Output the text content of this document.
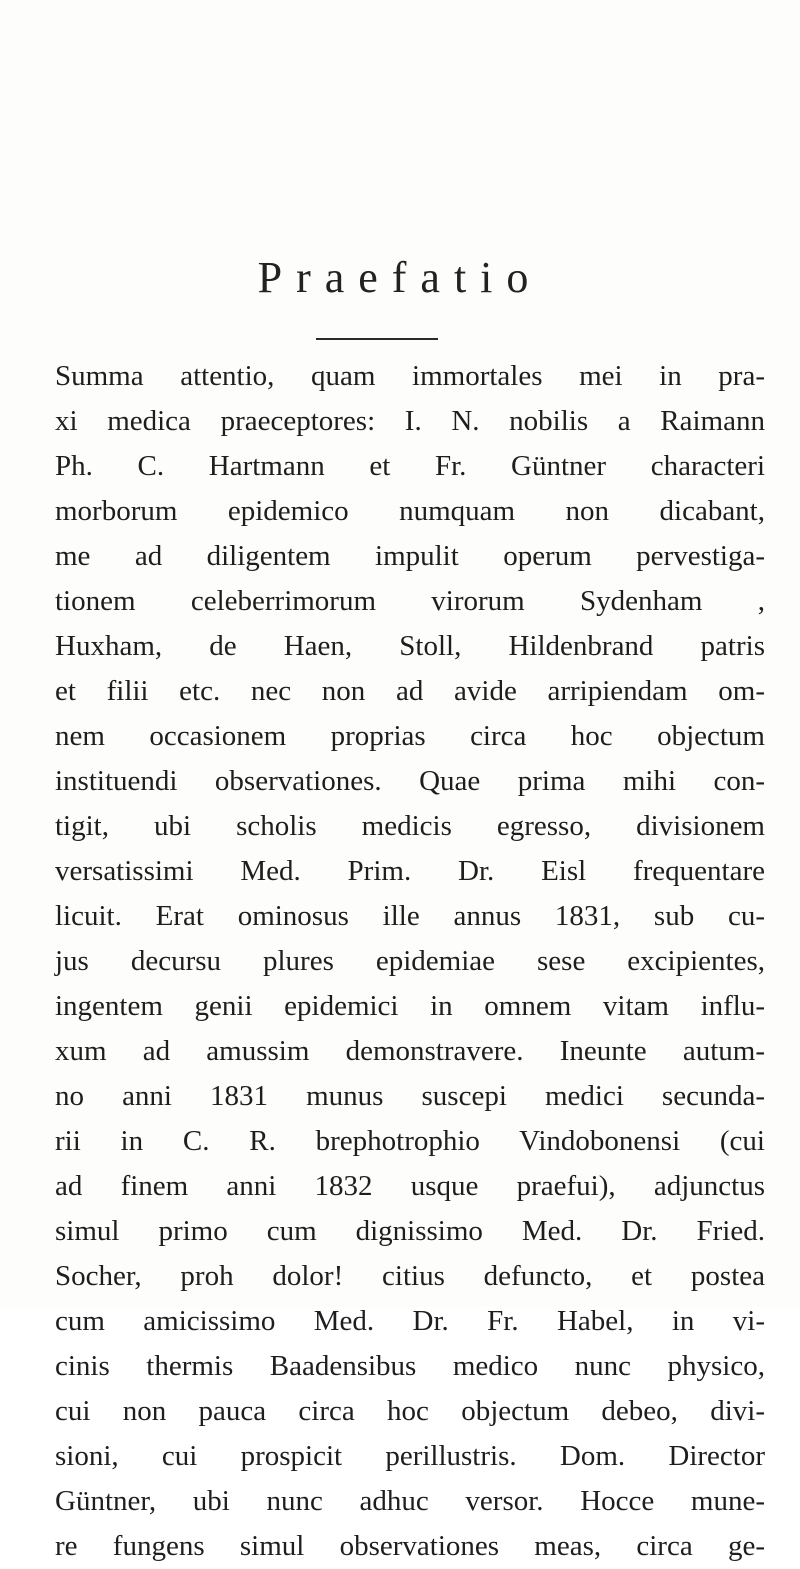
Praefatio
Summa attentio, quam immortales mei in pra-
xi medica praeceptores: I. N. nobilis a Raimann
Ph. C. Hartmann et Fr. Güntner characteri
morborum epidemico numquam non dicabant,
me ad diligentem impulit operum pervestiga-
tionem celeberrimorum virorum Sydenham ,
Huxham, de Haen, Stoll, Hildenbrand patris
et filii etc. nec non ad avide arripiendam om-
nem occasionem proprias circa hoc objectum
instituendi observationes. Quae prima mihi con-
tigit, ubi scholis medicis egresso, divisionem
versatissimi Med. Prim. Dr. Eisl frequentare
licuit. Erat ominosus ille annus 1831, sub cu-
jus decursu plures epidemiae sese excipientes,
ingentem genii epidemici in omnem vitam influ-
xum ad amussim demonstravere. Ineunte autum-
no anni 1831 munus suscepi medici secunda-
rii in C. R. brephotrophio Vindobonensi (cui
ad finem anni 1832 usque praefui), adjunctus
simul primo cum dignissimo Med. Dr. Fried.
Socher, proh dolor! citius defuncto, et postea
cum amicissimo Med. Dr. Fr. Habel, in vi-
cinis thermis Baadensibus medico nunc physico,
cui non pauca circa hoc objectum debeo, divi-
sioni, cui prospicit perillustris. Dom. Director
Güntner, ubi nunc adhuc versor. Hocce mune-
re fungens simul observationes meas, circa ge-
